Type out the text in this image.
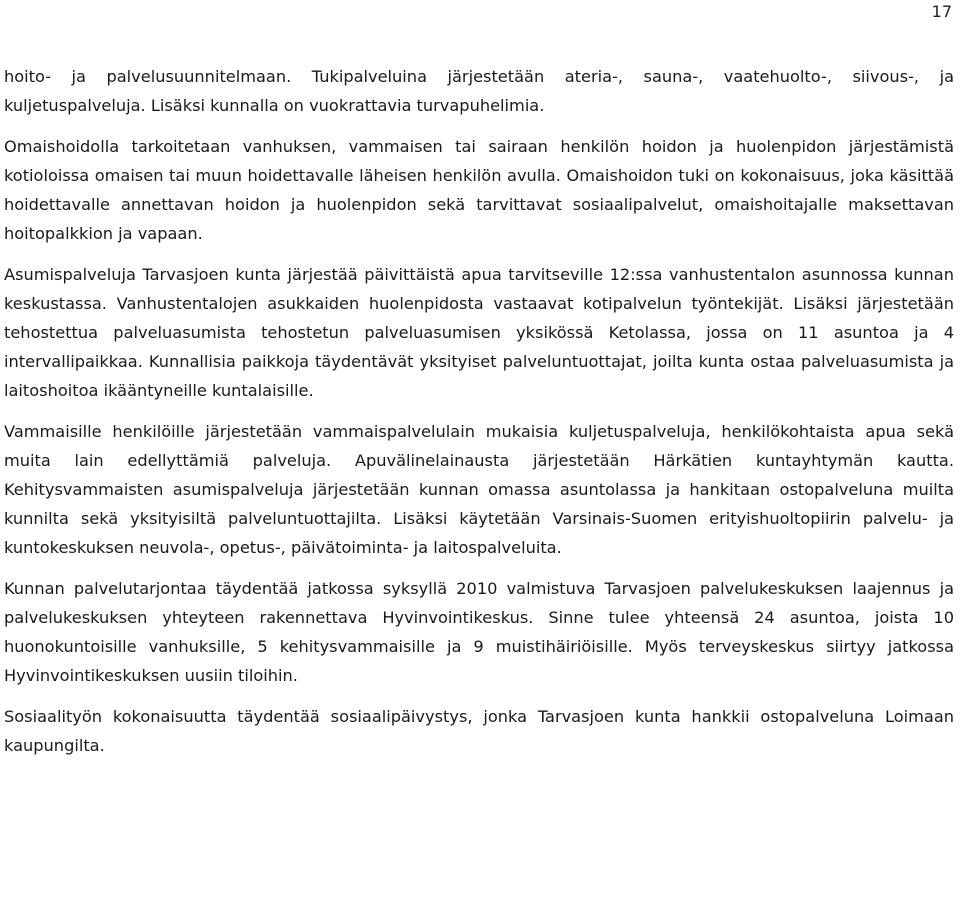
17

hoito- ja palvelusuunnitelmaan. Tukipalveluina järjestetään ateria-, sauna-, vaatehuolto-, siivous-, ja kuljetuspalveluja. Lisäksi kunnalla on vuokrattavia turvapuhelimia.

Omaishoidolla tarkoitetaan vanhuksen, vammaisen tai sairaan henkilön hoidon ja huolenpidon järjestämistä kotioloissa omaisen tai muun hoidettavalle läheisen henkilön avulla. Omaishoidon tuki on kokonaisuus, joka käsittää hoidettavalle annettavan hoidon ja huolenpidon sekä tarvittavat sosiaalipalvelut, omaishoitajalle maksettavan hoitopalkkion ja vapaan.

Asumispalveluja Tarvasjoen kunta järjestää päivittäistä apua tarvitseville 12:ssa vanhustentalon asunnossa kunnan keskustassa. Vanhustentalojen asukkaiden huolenpidosta vastaavat kotipalvelun työntekijät. Lisäksi järjestetään tehostettua palveluasumista tehostetun palveluasumisen yksikössä Ketolassa, jossa on 11 asuntoa ja 4 intervallipaikkaa. Kunnallisia paikkoja täydentävät yksityiset palveluntuottajat, joilta kunta ostaa palveluasumista ja laitoshoitoa ikääntyneille kuntalaisille.

Vammaisille henkilöille järjestetään vammaispalvelulain mukaisia kuljetuspalveluja, henkilökohtaista apua sekä muita lain edellyttämiä palveluja. Apuvälinelainausta järjestetään Härkätien kuntayhtymän kautta. Kehitysvammaisten asumispalveluja järjestetään kunnan omassa asuntolassa ja hankitaan ostopalveluna muilta kunnilta sekä yksityisiltä palveluntuottajilta. Lisäksi käytetään Varsinais-Suomen erityishuoltopiirin palvelu- ja kuntokeskuksen neuvola-, opetus-, päivätoiminta- ja laitospalveluita.

Kunnan palvelutarjontaa täydentää jatkossa syksyllä 2010 valmistuva Tarvasjoen palvelukeskuksen laajennus ja palvelukeskuksen yhteyteen rakennettava Hyvinvointikeskus. Sinne tulee yhteensä 24 asuntoa, joista 10 huonokuntoisille vanhuksille, 5 kehitysvammaisille ja 9 muistihäiriöisille. Myös terveyskeskus siirtyy jatkossa Hyvinvointikeskuksen uusiin tiloihin.

Sosiaalityön kokonaisuutta täydentää sosiaalipäivystys, jonka Tarvasjoen kunta hankkii ostopalveluna Loimaan kaupungilta.
